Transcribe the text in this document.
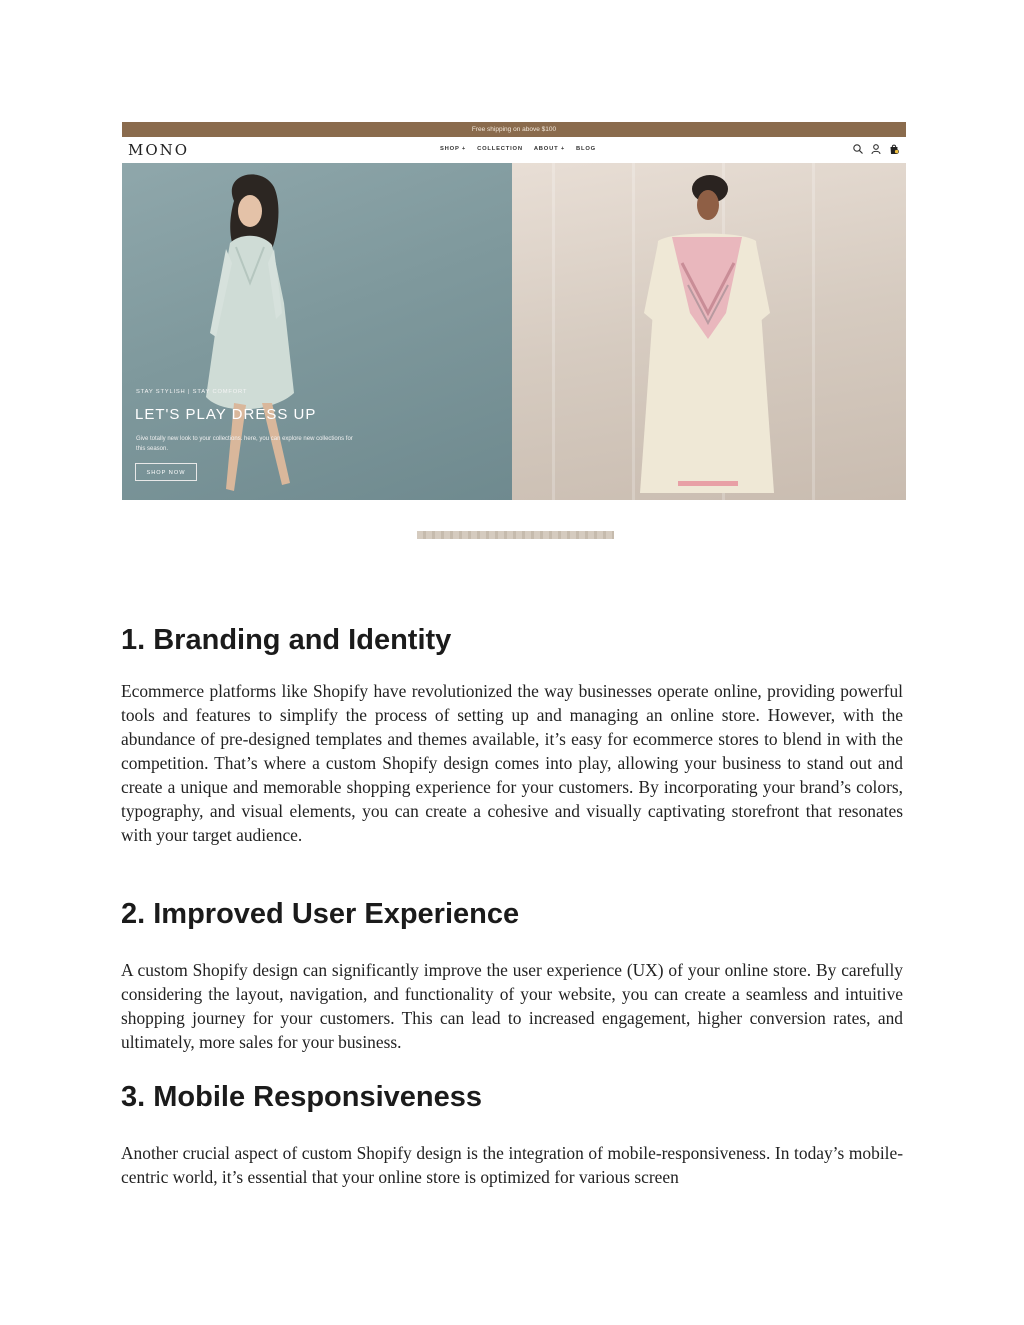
Free shipping on above $100
MONO	SHOP + COLLECTION ABOUT + BLOG
STAY STYLISH | STAY COMFORT
LET'S PLAY DRESS UP
Give totally new look to your collections. here, you can explore new collections for this season.
SHOP NOW
1. Branding and Identity

Ecommerce platforms like Shopify have revolutionized the way businesses operate online, providing powerful tools and features to simplify the process of setting up and managing an online store. However, with the abundance of pre-designed templates and themes available, it’s easy for ecommerce stores to blend in with the competition. That’s where a custom Shopify design comes into play, allowing your business to stand out and create a unique and memorable shopping experience for your customers. By incorporating your brand’s colors, typography, and visual elements, you can create a cohesive and visually captivating storefront that resonates with your target audience.

2. Improved User Experience

A custom Shopify design can significantly improve the user experience (UX) of your online store. By carefully considering the layout, navigation, and functionality of your website, you can create a seamless and intuitive shopping journey for your customers. This can lead to increased engagement, higher conversion rates, and ultimately, more sales for your business.

3. Mobile Responsiveness

Another crucial aspect of custom Shopify design is the integration of mobile-responsiveness. In today’s mobile-centric world, it’s essential that your online store is optimized for various screen
